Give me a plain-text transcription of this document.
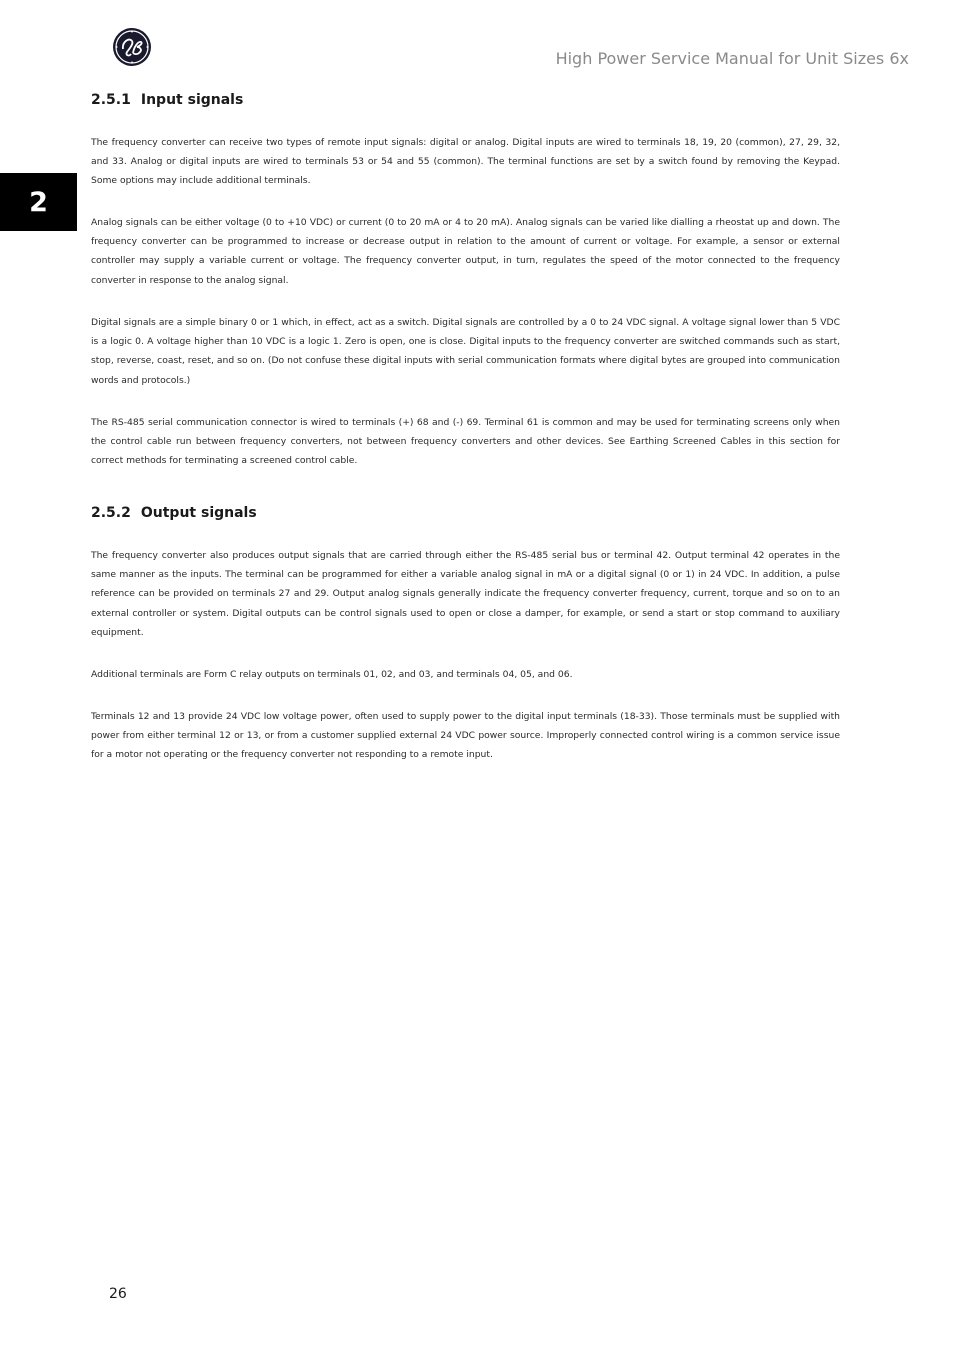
High Power Service Manual for Unit Sizes 6x
2
2.5.1 Input signals

The frequency converter can receive two types of remote input signals: digital or analog. Digital inputs are wired to terminals 18, 19, 20 (common), 27, 29, 32, and 33. Analog or digital inputs are wired to terminals 53 or 54 and 55 (common). The terminal functions are set by a switch found by removing the Keypad. Some options may include additional terminals.

Analog signals can be either voltage (0 to +10 VDC) or current (0 to 20 mA or 4 to 20 mA). Analog signals can be varied like dialling a rheostat up and down. The frequency converter can be programmed to increase or decrease output in relation to the amount of current or voltage. For example, a sensor or external controller may supply a variable current or voltage. The frequency converter output, in turn, regulates the speed of the motor connected to the frequency converter in response to the analog signal.

Digital signals are a simple binary 0 or 1 which, in effect, act as a switch. Digital signals are controlled by a 0 to 24 VDC signal. A voltage signal lower than 5 VDC is a logic 0. A voltage higher than 10 VDC is a logic 1. Zero is open, one is close. Digital inputs to the frequency converter are switched commands such as start, stop, reverse, coast, reset, and so on. (Do not confuse these digital inputs with serial communication formats where digital bytes are grouped into communication words and protocols.)

The RS-485 serial communication connector is wired to terminals (+) 68 and (-) 69. Terminal 61 is common and may be used for terminating screens only when the control cable run between frequency converters, not between frequency converters and other devices. See Earthing Screened Cables in this section for correct methods for terminating a screened control cable.

2.5.2 Output signals

The frequency converter also produces output signals that are carried through either the RS-485 serial bus or terminal 42. Output terminal 42 operates in the same manner as the inputs. The terminal can be programmed for either a variable analog signal in mA or a digital signal (0 or 1) in 24 VDC. In addition, a pulse reference can be provided on terminals 27 and 29. Output analog signals generally indicate the frequency converter frequency, current, torque and so on to an external controller or system. Digital outputs can be control signals used to open or close a damper, for example, or send a start or stop command to auxiliary equipment.

Additional terminals are Form C relay outputs on terminals 01, 02, and 03, and terminals 04, 05, and 06.

Terminals 12 and 13 provide 24 VDC low voltage power, often used to supply power to the digital input terminals (18-33). Those terminals must be supplied with power from either terminal 12 or 13, or from a customer supplied external 24 VDC power source. Improperly connected control wiring is a common service issue for a motor not operating or the frequency converter not responding to a remote input.

26
